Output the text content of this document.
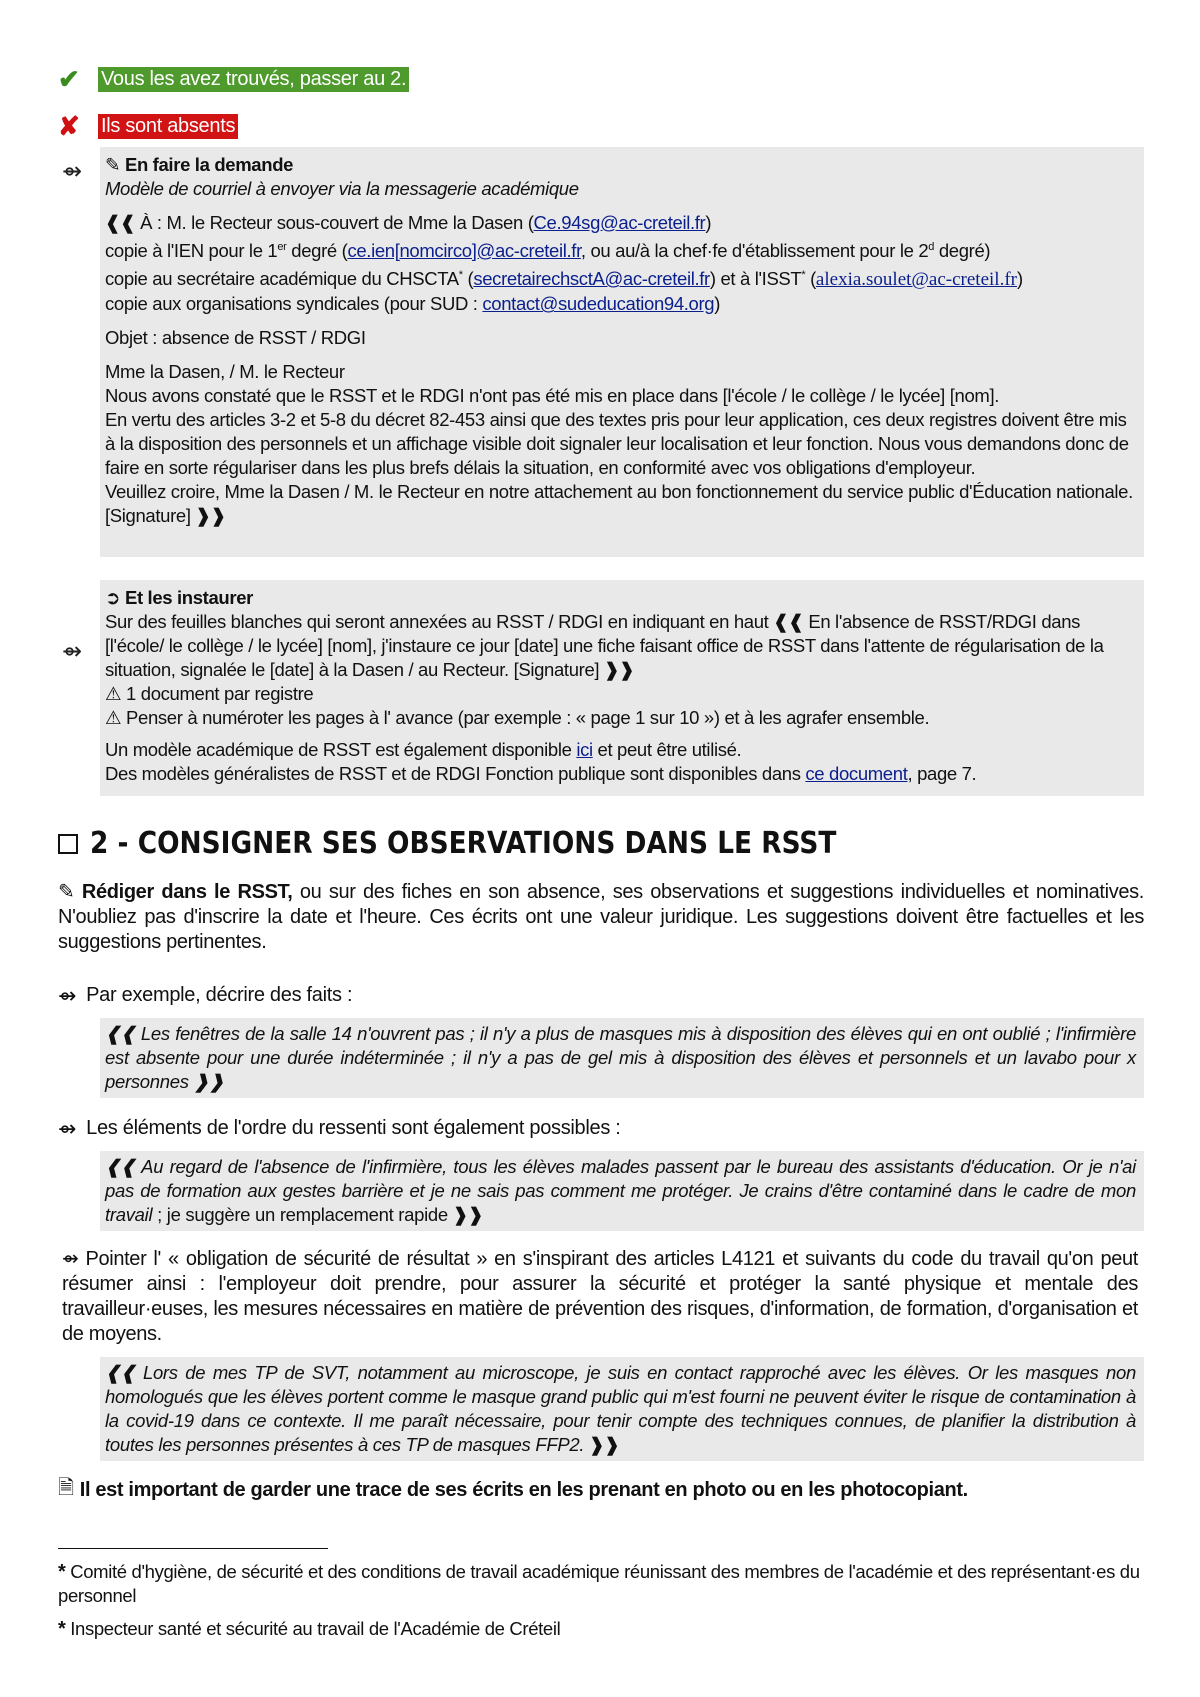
✔	Vous les avez trouvés, passer au 2.
✘	Ils sont absents
⇴ ✎ En faire la demande

Modèle de courriel à envoyer via la messagerie académique

❰❰ À : M. le Recteur sous-couvert de Mme la Dasen (Ce.94sg@ac-creteil.fr)

copie à l'IEN pour le 1er degré (ce.ien[nomcirco]@ac-creteil.fr, ou au/à la chef·fe d'établissement pour le 2$^d$ degré)

copie au secrétaire académique du CHSCTA* (secretairechsctA@ac-creteil.fr) et à l'ISST* (alexia.soulet@ac-creteil.fr)

copie aux organisations syndicales (pour SUD : contact@sudeducation94.org)

Objet : absence de RSST / RDGI

Mme la Dasen, / M. le Recteur

Nous avons constaté que le RSST et le RDGI n'ont pas été mis en place dans [l'école / le collège / le lycée] [nom].

En vertu des articles 3-2 et 5-8 du décret 82-453 ainsi que des textes pris pour leur application, ces deux registres doivent être mis à la disposition des personnels et un affichage visible doit signaler leur localisation et leur fonction. Nous vous demandons donc de faire en sorte régulariser dans les plus brefs délais la situation, en conformité avec vos obligations d'employeur.

Veuillez croire, Mme la Dasen / M. le Recteur en notre attachement au bon fonctionnement du service public d'Éducation nationale.

[Signature] ❱❱

⇴

➲ Et les instaurer

Sur des feuilles blanches qui seront annexées au RSST / RDGI en indiquant en haut ❰❰ En l'absence de RSST/RDGI dans [l'école/ le collège / le lycée] [nom], j'instaure ce jour [date] une fiche faisant office de RSST dans l'attente de régularisation de la situation, signalée le [date] à la Dasen / au Recteur. [Signature] ❱❱

⚠ 1 document par registre

⚠ Penser à numéroter les pages à l' avance (par exemple : « page 1 sur 10 ») et à les agrafer ensemble.

Un modèle académique de RSST est également disponible ici et peut être utilisé.

Des modèles généralistes de RSST et de RDGI Fonction publique sont disponibles dans ce document, page 7.

2 - CONSIGNER SES OBSERVATIONS DANS LE RSST
✎ Rédiger dans le RSST, ou sur des fiches en son absence, ses observations et suggestions individuelles et nominatives. N'oubliez pas d'inscrire la date et l'heure. Ces écrits ont une valeur juridique. Les suggestions doivent être factuelles et les suggestions pertinentes.
⇴ Par exemple, décrire des faits :
❰❰ Les fenêtres de la salle 14 n'ouvrent pas ; il n'y a plus de masques mis à disposition des élèves qui en ont oublié ; l'infirmière est absente pour une durée indéterminée ; il n'y a pas de gel mis à disposition des élèves et personnels et un lavabo pour x personnes ❱❱
⇴ Les éléments de l'ordre du ressenti sont également possibles :
❰❰ Au regard de l'absence de l'infirmière, tous les élèves malades passent par le bureau des assistants d'éducation. Or je n'ai pas de formation aux gestes barrière et je ne sais pas comment me protéger. Je crains d'être contaminé dans le cadre de mon travail ; je suggère un remplacement rapide ❱❱
⇴ Pointer l' « obligation de sécurité de résultat » en s'inspirant des articles L4121 et suivants du code du travail qu'on peut résumer ainsi : l'employeur doit prendre, pour assurer la sécurité et protéger la santé physique et mentale des travailleur·euses, les mesures nécessaires en matière de prévention des risques, d'information, de formation, d'organisation et de moyens.
❰❰ Lors de mes TP de SVT, notamment au microscope, je suis en contact rapproché avec les élèves. Or les masques non homologués que les élèves portent comme le masque grand public qui m'est fourni ne peuvent éviter le risque de contamination à la covid-19 dans ce contexte. Il me paraît nécessaire, pour tenir compte des techniques connues, de planifier la distribution à toutes les personnes présentes à ces TP de masques FFP2. ❱❱
🗎 Il est important de garder une trace de ses écrits en les prenant en photo ou en les photocopiant.
* Comité d'hygiène, de sécurité et des conditions de travail académique réunissant des membres de l'académie et des représentant·es du personnel
* Inspecteur santé et sécurité au travail de l'Académie de Créteil
